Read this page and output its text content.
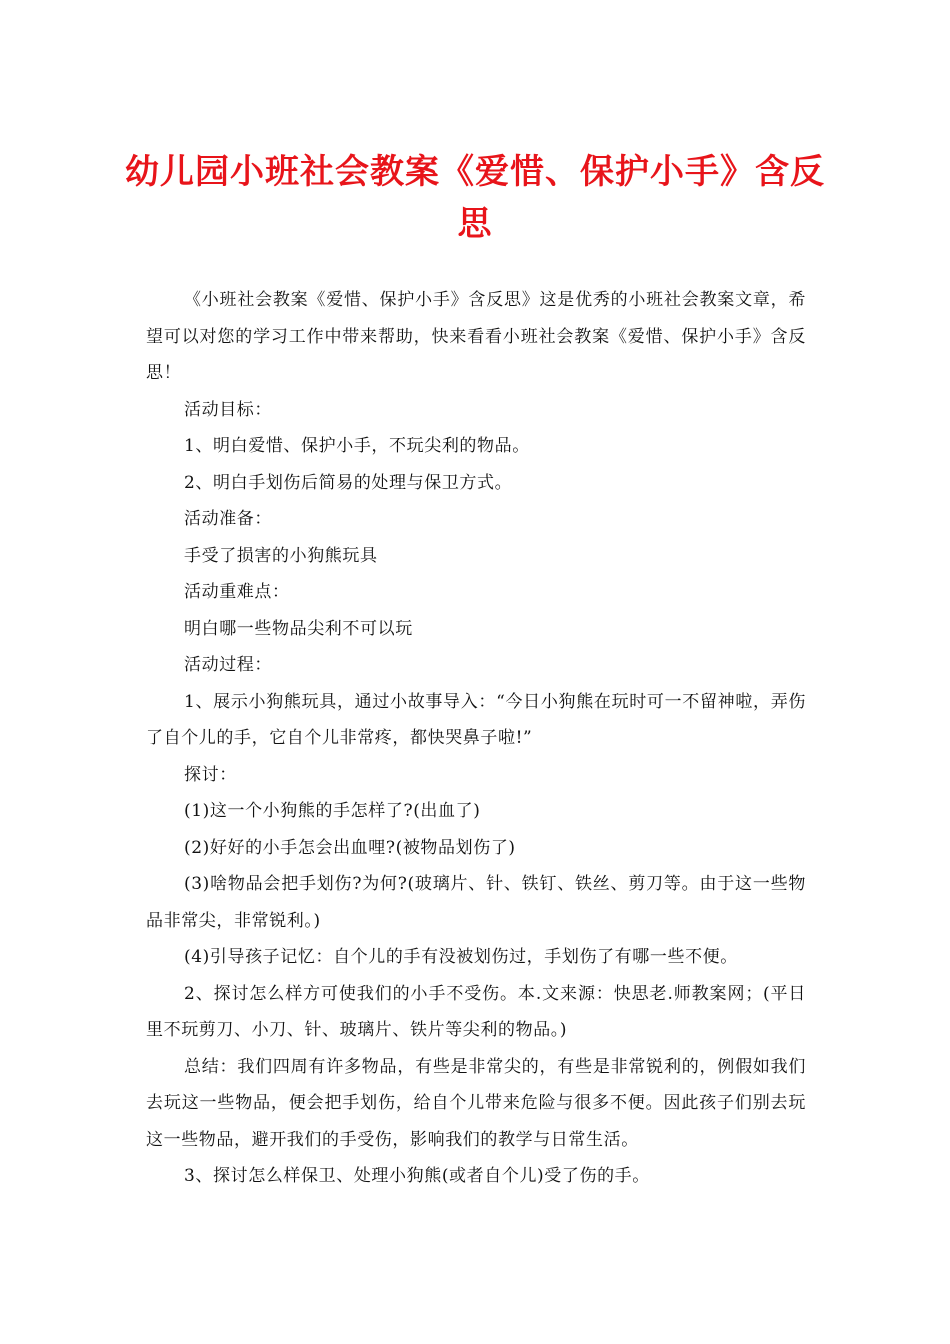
幼儿园小班社会教案《爱惜、保护小手》含反思

《小班社会教案《爱惜、保护小手》含反思》这是优秀的小班社会教案文章，希望可以对您的学习工作中带来帮助，快来看看小班社会教案《爱惜、保护小手》含反思！

活动目标：

1、明白爱惜、保护小手，不玩尖利的物品。

2、明白手划伤后简易的处理与保卫方式。

活动准备：

手受了损害的小狗熊玩具

活动重难点：

明白哪一些物品尖利不可以玩

活动过程：

1、展示小狗熊玩具，通过小故事导入：“今日小狗熊在玩时可一不留神啦，弄伤了自个儿的手，它自个儿非常疼，都快哭鼻子啦!”

探讨：

(1)这一个小狗熊的手怎样了?(出血了)

(2)好好的小手怎会出血哩?(被物品划伤了)

(3)啥物品会把手划伤?为何?(玻璃片、针、铁钉、铁丝、剪刀等。由于这一些物品非常尖，非常锐利。)

(4)引导孩子记忆：自个儿的手有没被划伤过，手划伤了有哪一些不便。

2、探讨怎么样方可使我们的小手不受伤。本.文来源：快思老.师教案网；(平日里不玩剪刀、小刀、针、玻璃片、铁片等尖利的物品。)

总结：我们四周有许多物品，有些是非常尖的，有些是非常锐利的，例假如我们去玩这一些物品，便会把手划伤，给自个儿带来危险与很多不便。因此孩子们别去玩这一些物品，避开我们的手受伤，影响我们的教学与日常生活。

3、探讨怎么样保卫、处理小狗熊(或者自个儿)受了伤的手。
